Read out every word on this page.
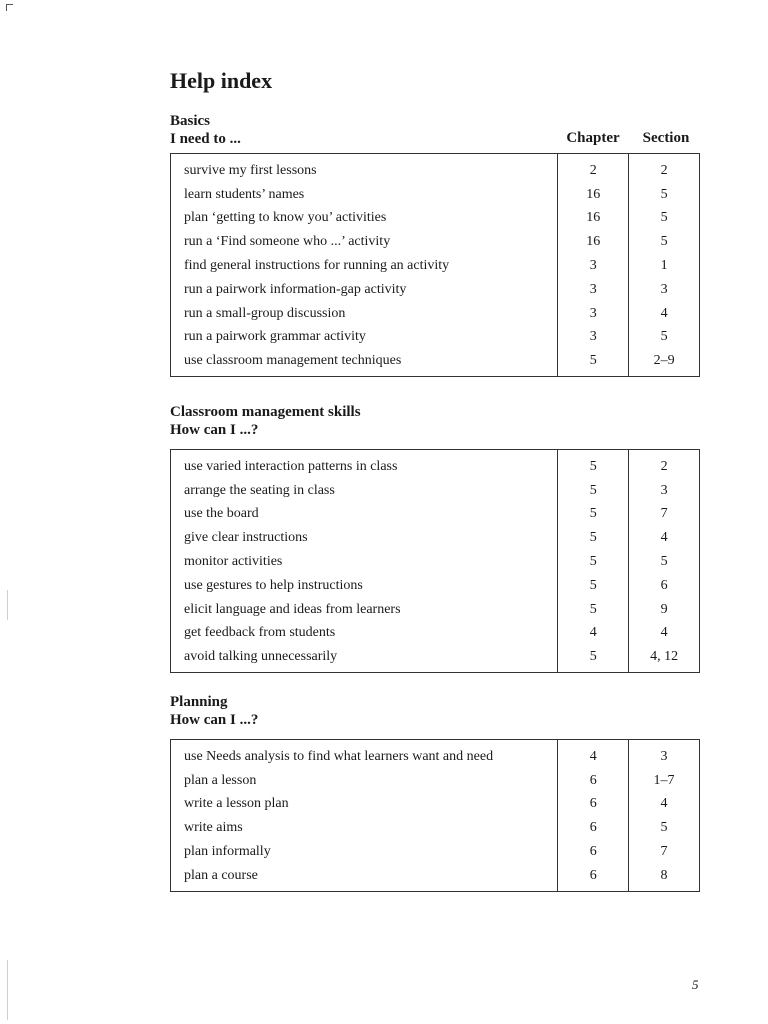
Help index
Basics
I need to ...	Chapter	Section
survive my first lessons	2	2
learn students’ names	16	5
plan ‘getting to know you’ activities	16	5
run a ‘Find someone who ...’ activity	16	5
find general instructions for running an activity	3	1
run a pairwork information-gap activity	3	3
run a small-group discussion	3	4
run a pairwork grammar activity	3	5
use classroom management techniques	5	2–9
Classroom management skills
How can I ...?
use varied interaction patterns in class	5	2
arrange the seating in class	5	3
use the board	5	7
give clear instructions	5	4
monitor activities	5	5
use gestures to help instructions	5	6
elicit language and ideas from learners	5	9
get feedback from students	4	4
avoid talking unnecessarily	5	4, 12
Planning
How can I ...?
use Needs analysis to find what learners want and need	4	3
plan a lesson	6	1–7
write a lesson plan	6	4
write aims	6	5
plan informally	6	7
plan a course	6	8
5
